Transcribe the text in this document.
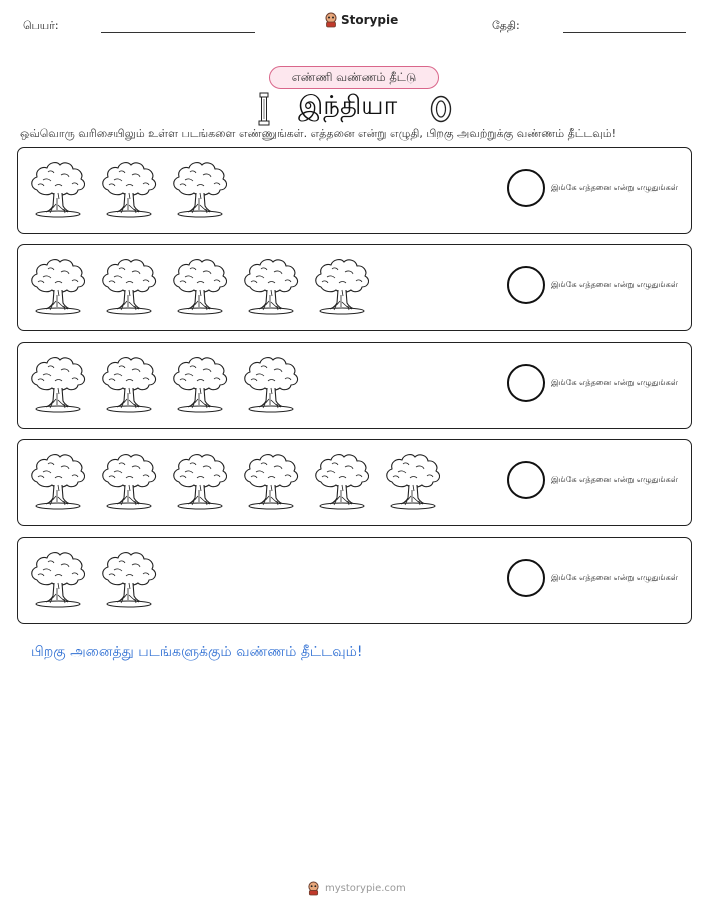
பெயர்:	Storypie	தேதி:
எண்ணி வண்ணம் தீட்டு
இந்தியா
ஒவ்வொரு வரிசையிலும் உள்ள படங்களை எண்ணுங்கள். எத்தனை என்று எழுதி, பிறகு அவற்றுக்கு வண்ணம் தீட்டவும்!
இங்கே எத்தனை என்று எழுதுங்கள்
இங்கே எத்தனை என்று எழுதுங்கள்
இங்கே எத்தனை என்று எழுதுங்கள்
இங்கே எத்தனை என்று எழுதுங்கள்
இங்கே எத்தனை என்று எழுதுங்கள்
பிறகு அனைத்து படங்களுக்கும் வண்ணம் தீட்டவும்!
mystorypie.com
